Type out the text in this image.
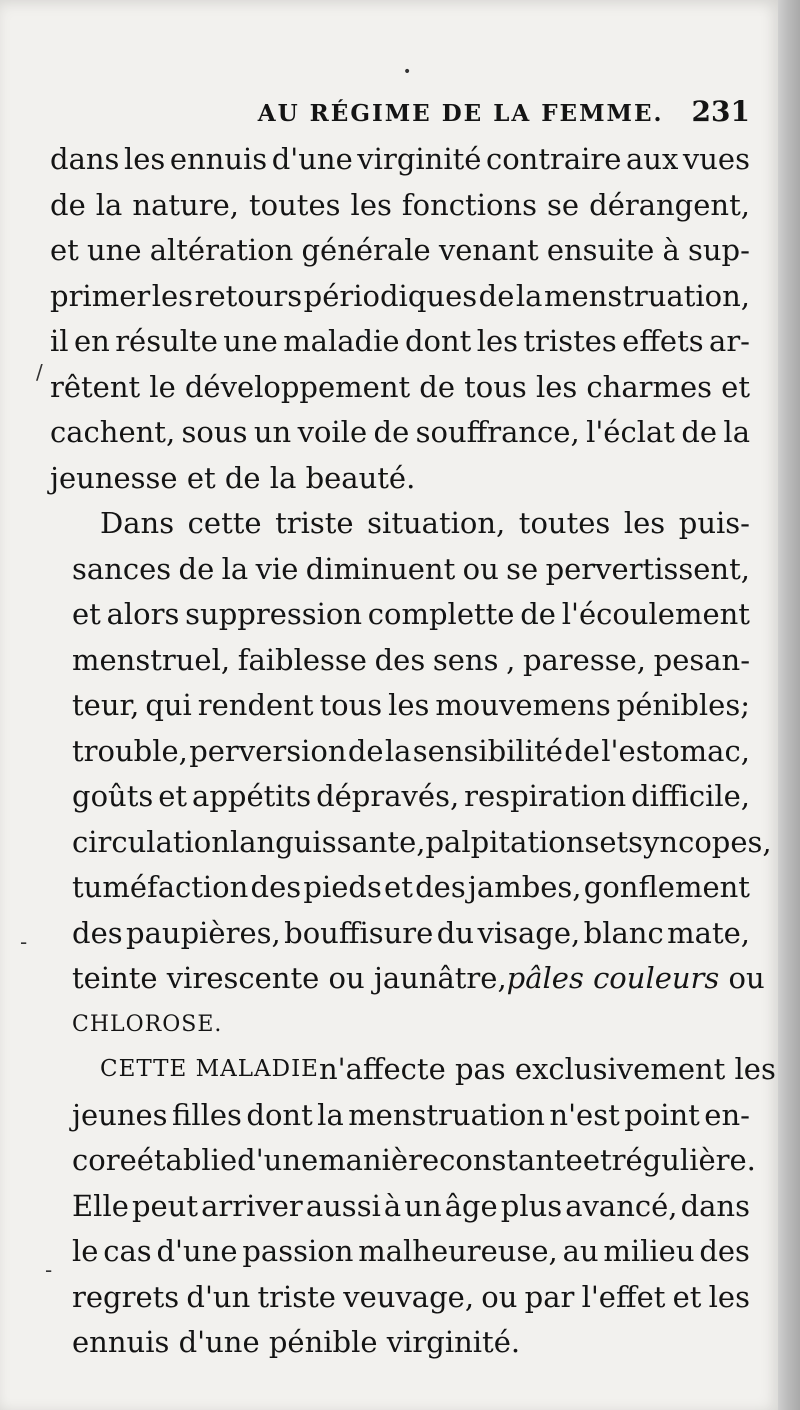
AU RÉGIME DE LA FEMME. 231
dans les ennuis d'une virginité contraire aux vues
de la nature, toutes les fonctions se dérangent,
et une altération générale venant ensuite à sup-
primer les retours périodiques de la menstruation,
il en résulte une maladie dont les tristes effets ar-
rêtent le développement de tous les charmes et
cachent, sous un voile de souffrance, l'éclat de la
jeunesse et de la beauté.
Dans cette triste situation, toutes les puis-
sances de la vie diminuent ou se pervertissent,
et alors suppression complette de l'écoulement
menstruel, faiblesse des sens , paresse, pesan-
teur, qui rendent tous les mouvemens pénibles;
trouble, perversion de la sensibilité de l'estomac,
goûts et appétits dépravés, respiration difficile,
circulation languissante, palpitations et syncopes,
tuméfaction des pieds et des jambes, gonflement
des paupières, bouffisure du visage, blanc mate,
teinte virescente ou jaunâtre, pâles couleurs ou
CHLOROSE.
CETTE MALADIE n'affecte pas exclusivement les
jeunes filles dont la menstruation n'est point en-
core établie d'une manière constante et régulière.
Elle peut arriver aussi à un âge plus avancé, dans
le cas d'une passion malheureuse, au milieu des
regrets d'un triste veuvage, ou par l'effet et les
ennuis d'une pénible virginité.
•
/
-
-
